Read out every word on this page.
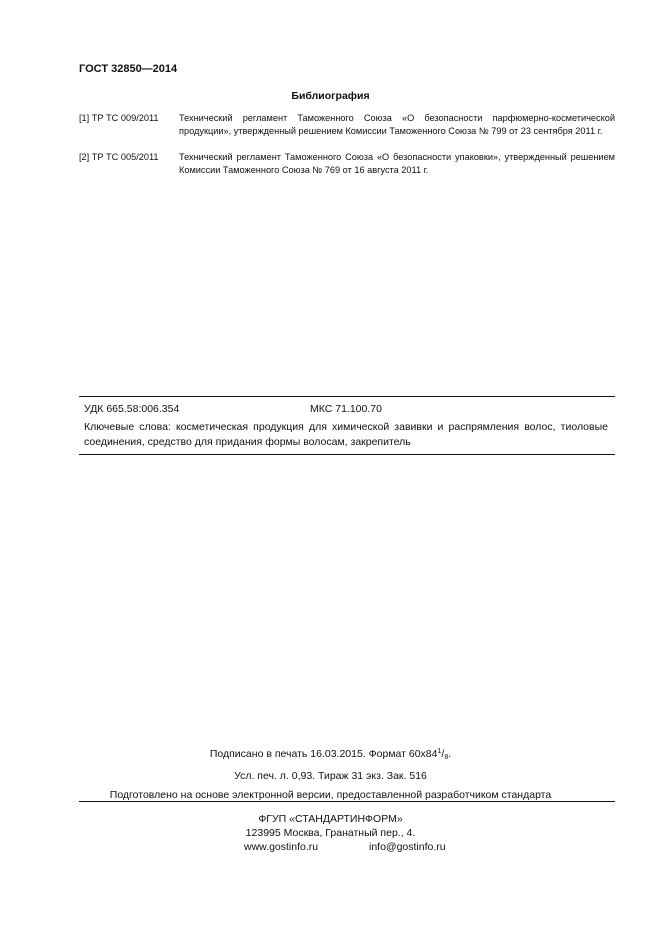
ГОСТ 32850—2014
Библиография
[1] ТР ТС 009/2011 Технический регламент Таможенного Союза «О безопасности парфюмерно-косметической продукции», утвержденный решением Комиссии Таможенного Союза № 799 от 23 сентября 2011 г.
[2] ТР ТС 005/2011 Технический регламент Таможенного Союза «О безопасности упаковки», утвержденный решением Комиссии Таможенного Союза № 769 от 16 августа 2011 г.
УДК 665.58:006.354	МКС 71.100.70
Ключевые слова: косметическая продукция для химической завивки и распрямления волос, тиоловые соединения, средство для придания формы волосам, закрепитель
Подписано в печать 16.03.2015. Формат $60х84^1/_8$.
Усл. печ. л. 0,93. Тираж 31 экз. Зак. 516
Подготовлено на основе электронной версии, предоставленной разработчиком стандарта
ФГУП «СТАНДАРТИНФОРМ»
123995 Москва, Гранатный пер., 4.
www.gostinfo.ru	info@gostinfo.ru
